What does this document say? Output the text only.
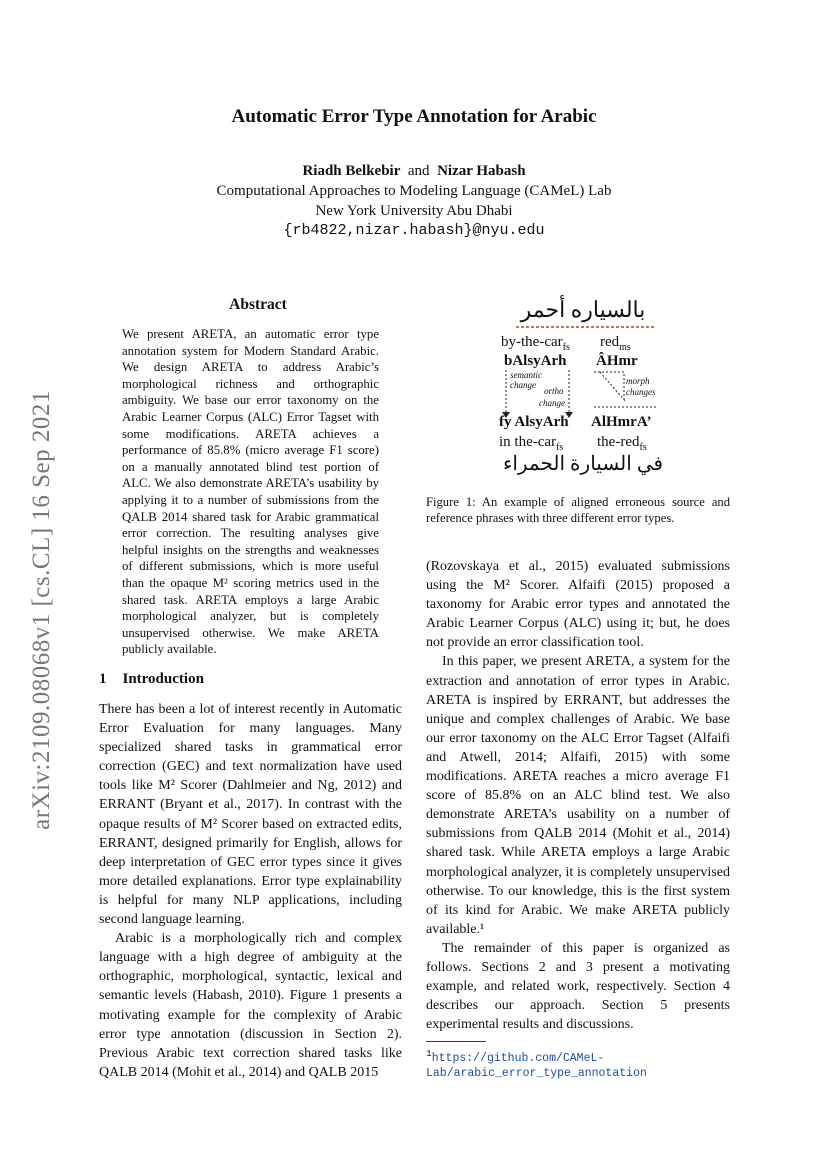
arXiv:2109.08068v1 [cs.CL] 16 Sep 2021
Automatic Error Type Annotation for Arabic
Riadh Belkebir and Nizar Habash
Computational Approaches to Modeling Language (CAMeL) Lab
New York University Abu Dhabi
{rb4822,nizar.habash}@nyu.edu
Abstract
We present ARETA, an automatic error type annotation system for Modern Standard Arabic. We design ARETA to address Arabic’s morphological richness and orthographic ambiguity. We base our error taxonomy on the Arabic Learner Corpus (ALC) Error Tagset with some modifications. ARETA achieves a performance of 85.8% (micro average F1 score) on a manually annotated blind test portion of ALC. We also demonstrate ARETA’s usability by applying it to a number of submissions from the QALB 2014 shared task for Arabic grammatical error correction. The resulting analyses give helpful insights on the strengths and weaknesses of different submissions, which is more useful than the opaque M² scoring metrics used in the shared task. ARETA employs a large Arabic morphological analyzer, but is completely unsupervised otherwise. We make ARETA publicly available.
1 Introduction

There has been a lot of interest recently in Automatic Error Evaluation for many languages. Many specialized shared tasks in grammatical error correction (GEC) and text normalization have used tools like M² Scorer (Dahlmeier and Ng, 2012) and ERRANT (Bryant et al., 2017). In contrast with the opaque results of M² Scorer based on extracted edits, ERRANT, designed primarily for English, allows for deep interpretation of GEC error types since it gives more detailed explanations. Error type explainability is helpful for many NLP applications, including second language learning.

Arabic is a morphologically rich and complex language with a high degree of ambiguity at the orthographic, morphological, syntactic, lexical and semantic levels (Habash, 2010). Figure 1 presents a motivating example for the complexity of Arabic error type annotation (discussion in Section 2). Previous Arabic text correction shared tasks like QALB 2014 (Mohit et al., 2014) and QALB 2015

بالسياره أحمر
by-the-car$_{fs}$ red$_{ms}$
bAlsyArh ÂHmr
semantic
change
ortho
change
morph
changes
fy AlsyArh AlHmrA’
in the-car$_{fs}$ the-red$_{fs}$
في السيارة الحمراء
Figure 1: An example of aligned erroneous source and reference phrases with three different error types.

(Rozovskaya et al., 2015) evaluated submissions using the M² Scorer. Alfaifi (2015) proposed a taxonomy for Arabic error types and annotated the Arabic Learner Corpus (ALC) using it; but, he does not provide an error classification tool.

In this paper, we present ARETA, a system for the extraction and annotation of error types in Arabic. ARETA is inspired by ERRANT, but addresses the unique and complex challenges of Arabic. We base our error taxonomy on the ALC Error Tagset (Alfaifi and Atwell, 2014; Alfaifi, 2015) with some modifications. ARETA reaches a micro average F1 score of 85.8% on an ALC blind test. We also demonstrate ARETA’s usability on a number of submissions from QALB 2014 (Mohit et al., 2014) shared task. While ARETA employs a large Arabic morphological analyzer, it is completely unsupervised otherwise. To our knowledge, this is the first system of its kind for Arabic. We make ARETA publicly available.¹

The remainder of this paper is organized as follows. Sections 2 and 3 present a motivating example, and related work, respectively. Section 4 describes our approach. Section 5 presents experimental results and discussions.

$^1$https://github.com/CAMeL-Lab/arabic_error_type_annotation
